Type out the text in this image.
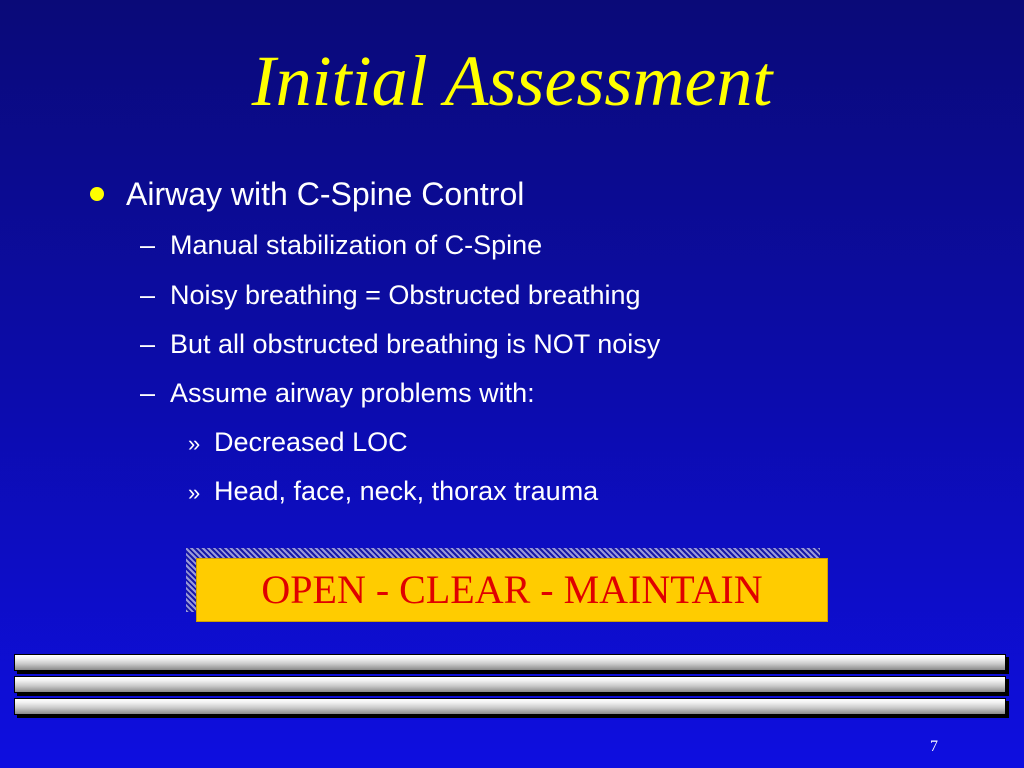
Initial Assessment
Airway with C-Spine Control
– Manual stabilization of C-Spine
– Noisy breathing = Obstructed breathing
– But all obstructed breathing is NOT noisy
– Assume airway problems with:
» Decreased LOC
» Head, face, neck, thorax trauma
OPEN - CLEAR - MAINTAIN
7
